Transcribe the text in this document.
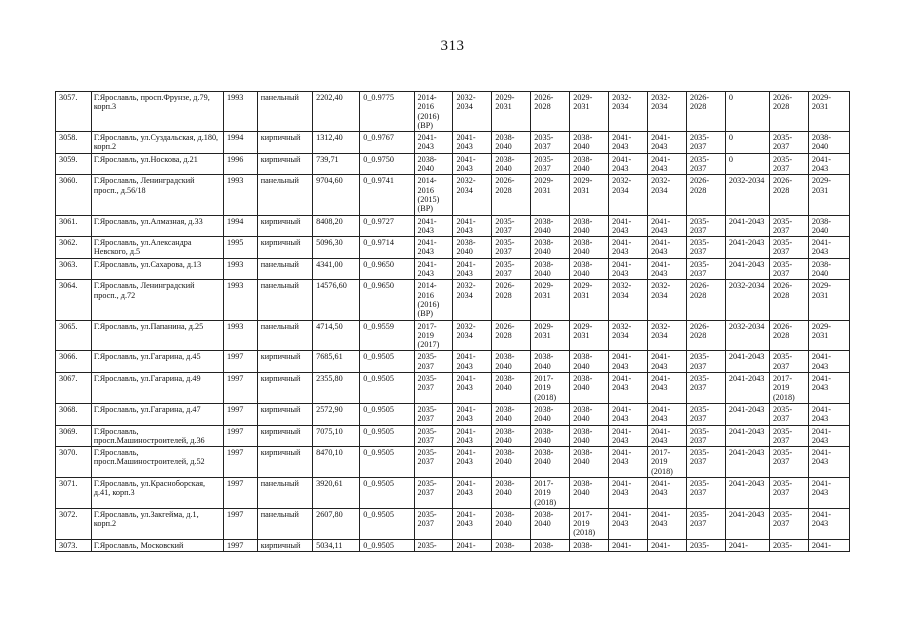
313
3057.	Г.Ярославль, просп.Фрунзе, д.79, корп.3	1993	панельный	2202,40	0_0.9775	2014-2016 (2016) (ВР)	2032-2034	2029-2031	2026-2028	2029-2031	2032-2034	2032-2034	2026-2028	0	2026-2028	2029-2031
3058.	Г.Ярославль, ул.Суздальская, д.180, корп.2	1994	кирпичный	1312,40	0_0.9767	2041-2043	2041-2043	2038-2040	2035-2037	2038-2040	2041-2043	2041-2043	2035-2037	0	2035-2037	2038-2040
3059.	Г.Ярославль, ул.Носкова, д.21	1996	кирпичный	739,71	0_0.9750	2038-2040	2041-2043	2038-2040	2035-2037	2038-2040	2041-2043	2041-2043	2035-2037	0	2035-2037	2041-2043
3060.	Г.Ярославль, Ленинградский просп., д.56/18	1993	панельный	9704,60	0_0.9741	2014-2016 (2015) (ВР)	2032-2034	2026-2028	2029-2031	2029-2031	2032-2034	2032-2034	2026-2028	2032-2034	2026-2028	2029-2031
3061.	Г.Ярославль, ул.Алмазная, д.33	1994	кирпичный	8408,20	0_0.9727	2041-2043	2041-2043	2035-2037	2038-2040	2038-2040	2041-2043	2041-2043	2035-2037	2041-2043	2035-2037	2038-2040
3062.	Г.Ярославль, ул.Александра Невского, д.5	1995	кирпичный	5096,30	0_0.9714	2041-2043	2038-2040	2035-2037	2038-2040	2038-2040	2041-2043	2041-2043	2035-2037	2041-2043	2035-2037	2041-2043
3063.	Г.Ярославль, ул.Сахарова, д.13	1993	панельный	4341,00	0_0.9650	2041-2043	2041-2043	2035-2037	2038-2040	2038-2040	2041-2043	2041-2043	2035-2037	2041-2043	2035-2037	2038-2040
3064.	Г.Ярославль, Ленинградский просп., д.72	1993	панельный	14576,60	0_0.9650	2014-2016 (2016) (ВР)	2032-2034	2026-2028	2029-2031	2029-2031	2032-2034	2032-2034	2026-2028	2032-2034	2026-2028	2029-2031
3065.	Г.Ярославль, ул.Папанина, д.25	1993	панельный	4714,50	0_0.9559	2017-2019 (2017)	2032-2034	2026-2028	2029-2031	2029-2031	2032-2034	2032-2034	2026-2028	2032-2034	2026-2028	2029-2031
3066.	Г.Ярославль, ул.Гагарина, д.45	1997	кирпичный	7685,61	0_0.9505	2035-2037	2041-2043	2038-2040	2038-2040	2038-2040	2041-2043	2041-2043	2035-2037	2041-2043	2035-2037	2041-2043
3067.	Г.Ярославль, ул.Гагарина, д.49	1997	кирпичный	2355,80	0_0.9505	2035-2037	2041-2043	2038-2040	2017-2019 (2018)	2038-2040	2041-2043	2041-2043	2035-2037	2041-2043	2017-2019 (2018)	2041-2043
3068.	Г.Ярославль, ул.Гагарина, д.47	1997	кирпичный	2572,90	0_0.9505	2035-2037	2041-2043	2038-2040	2038-2040	2038-2040	2041-2043	2041-2043	2035-2037	2041-2043	2035-2037	2041-2043
3069.	Г.Ярославль, просп.Машиностроителей, д.36	1997	кирпичный	7075,10	0_0.9505	2035-2037	2041-2043	2038-2040	2038-2040	2038-2040	2041-2043	2041-2043	2035-2037	2041-2043	2035-2037	2041-2043
3070.	Г.Ярославль, просп.Машиностроителей, д.52	1997	кирпичный	8470,10	0_0.9505	2035-2037	2041-2043	2038-2040	2038-2040	2038-2040	2041-2043	2017-2019 (2018)	2035-2037	2041-2043	2035-2037	2041-2043
3071.	Г.Ярославль, ул.Красноборская, д.41, корп.3	1997	панельный	3920,61	0_0.9505	2035-2037	2041-2043	2038-2040	2017-2019 (2018)	2038-2040	2041-2043	2041-2043	2035-2037	2041-2043	2035-2037	2041-2043
3072.	Г.Ярославль, ул.Закгейма, д.1, корп.2	1997	панельный	2607,80	0_0.9505	2035-2037	2041-2043	2038-2040	2038-2040	2017-2019 (2018)	2041-2043	2041-2043	2035-2037	2041-2043	2035-2037	2041-2043
3073.	Г.Ярославль, Московский	1997	кирпичный	5034,11	0_0.9505	2035-	2041-	2038-	2038-	2038-	2041-	2041-	2035-	2041-	2035-	2041-
